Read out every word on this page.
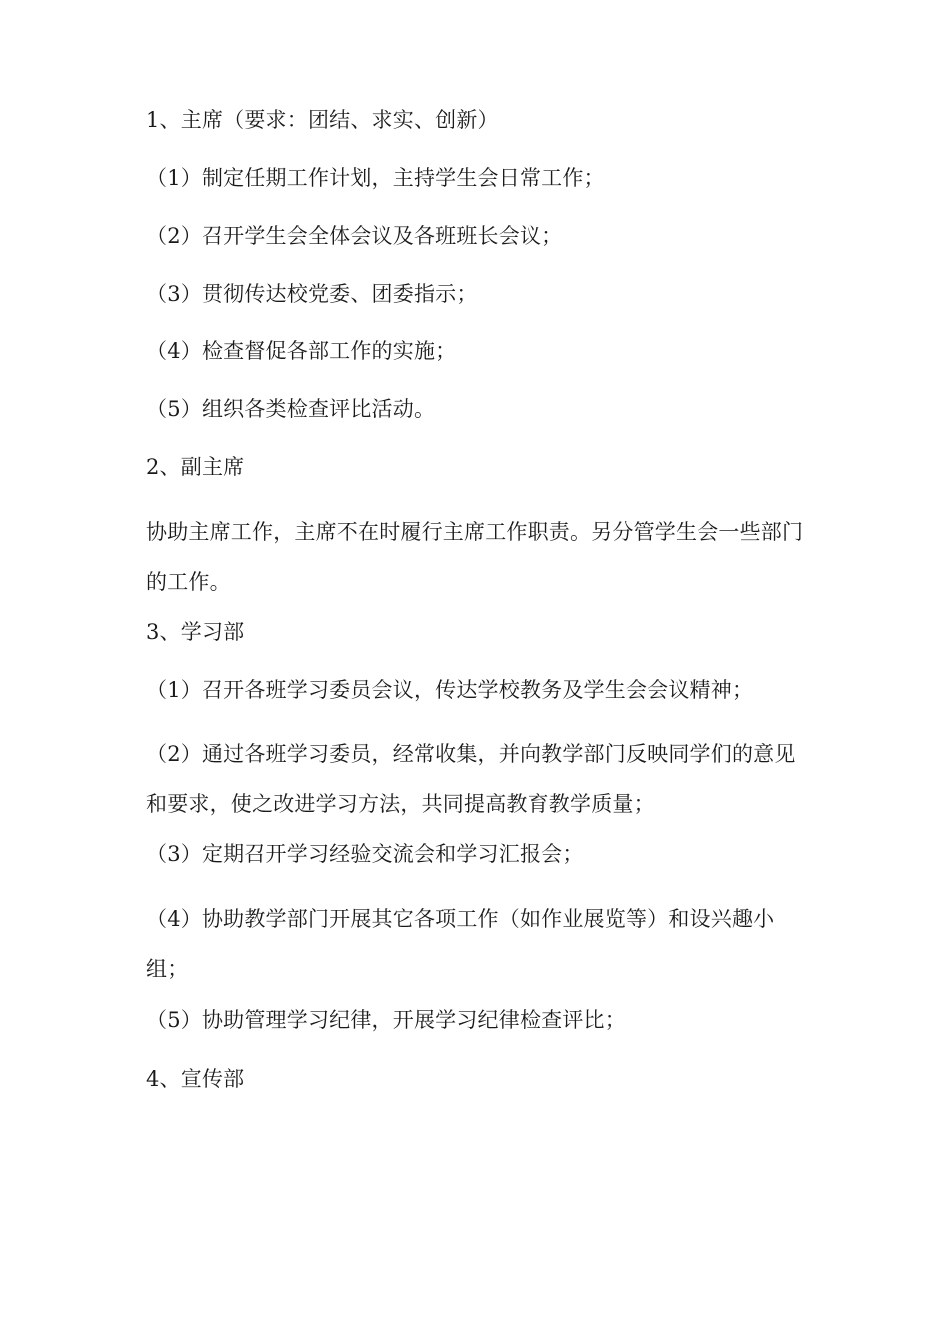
1、主席（要求：团结、求实、创新）

（1）制定任期工作计划，主持学生会日常工作；

（2）召开学生会全体会议及各班班长会议；

（3）贯彻传达校党委、团委指示；

（4）检查督促各部工作的实施；

（5）组织各类检查评比活动。

2、副主席

协助主席工作，主席不在时履行主席工作职责。另分管学生会一些部门的工作。

3、学习部

（1）召开各班学习委员会议，传达学校教务及学生会会议精神；

（2）通过各班学习委员，经常收集，并向教学部门反映同学们的意见和要求，使之改进学习方法，共同提高教育教学质量；

（3）定期召开学习经验交流会和学习汇报会；

（4）协助教学部门开展其它各项工作（如作业展览等）和设兴趣小组；

（5）协助管理学习纪律，开展学习纪律检查评比；

4、宣传部
